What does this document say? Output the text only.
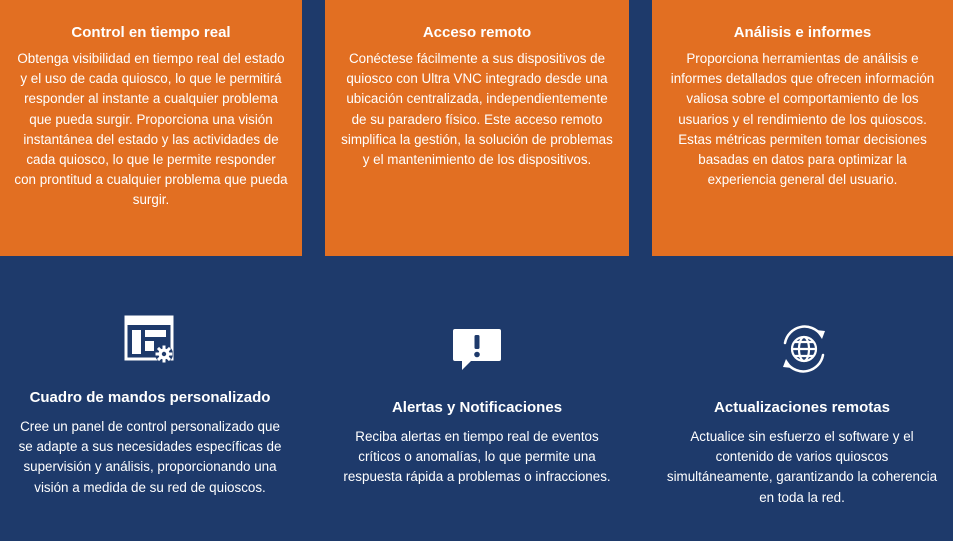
Control en tiempo real

Obtenga visibilidad en tiempo real del estado y el uso de cada quiosco, lo que le permitirá responder al instante a cualquier problema que pueda surgir. Proporciona una visión instantánea del estado y las actividades de cada quiosco, lo que le permite responder con prontitud a cualquier problema que pueda surgir.

Acceso remoto

Conéctese fácilmente a sus dispositivos de quiosco con Ultra VNC integrado desde una ubicación centralizada, independientemente de su paradero físico. Este acceso remoto simplifica la gestión, la solución de problemas y el mantenimiento de los dispositivos.

Análisis e informes

Proporciona herramientas de análisis e informes detallados que ofrecen información valiosa sobre el comportamiento de los usuarios y el rendimiento de los quioscos. Estas métricas permiten tomar decisiones basadas en datos para optimizar la experiencia general del usuario.

Cuadro de mandos personalizado

Cree un panel de control personalizado que se adapte a sus necesidades específicas de supervisión y análisis, proporcionando una visión a medida de su red de quioscos.

Alertas y Notificaciones

Reciba alertas en tiempo real de eventos críticos o anomalías, lo que permite una respuesta rápida a problemas o infracciones.

Actualizaciones remotas

Actualice sin esfuerzo el software y el contenido de varios quioscos simultáneamente, garantizando la coherencia en toda la red.
